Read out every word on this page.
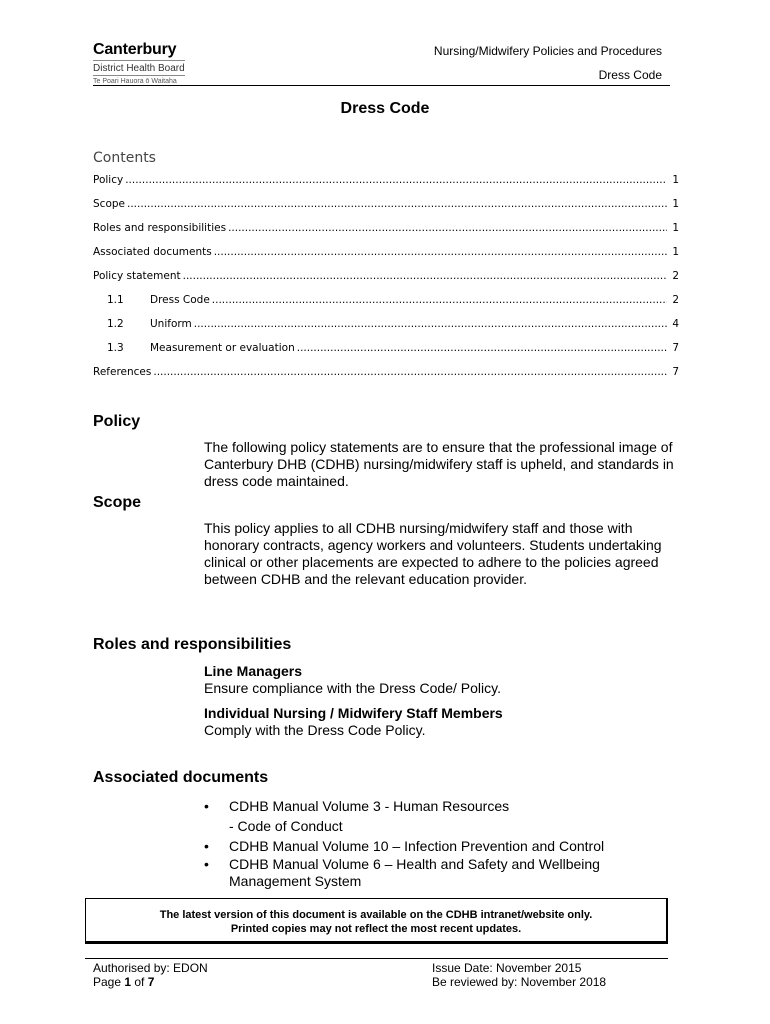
Canterbury
District Health Board
Te Poari Hauora ō Waitaha
Nursing/Midwifery Policies and Procedures
Dress Code
Dress Code
Contents
Policy .....	1
Scope .....	1
Roles and responsibilities .....	1
Associated documents .....	1
Policy statement .....	2
1.1	Dress Code .....	2
1.2	Uniform .....	4
1.3	Measurement or evaluation .....	7
References .....	7
Policy
The following policy statements are to ensure that the professional image of Canterbury DHB (CDHB) nursing/midwifery staff is upheld, and standards in dress code maintained.
Scope
This policy applies to all CDHB nursing/midwifery staff and those with honorary contracts, agency workers and volunteers. Students undertaking clinical or other placements are expected to adhere to the policies agreed between CDHB and the relevant education provider.
Roles and responsibilities
Line Managers
Ensure compliance with the Dress Code/ Policy.
Individual Nursing / Midwifery Staff Members
Comply with the Dress Code Policy.
Associated documents
• CDHB Manual Volume 3 - Human Resources
- Code of Conduct
• CDHB Manual Volume 10 – Infection Prevention and Control
• CDHB Manual Volume 6 – Health and Safety and Wellbeing
Management System
The latest version of this document is available on the CDHB intranet/website only.
Printed copies may not reflect the most recent updates.
Authorised by: EDON
Page 1 of 7
Issue Date: November 2015
Be reviewed by: November 2018
